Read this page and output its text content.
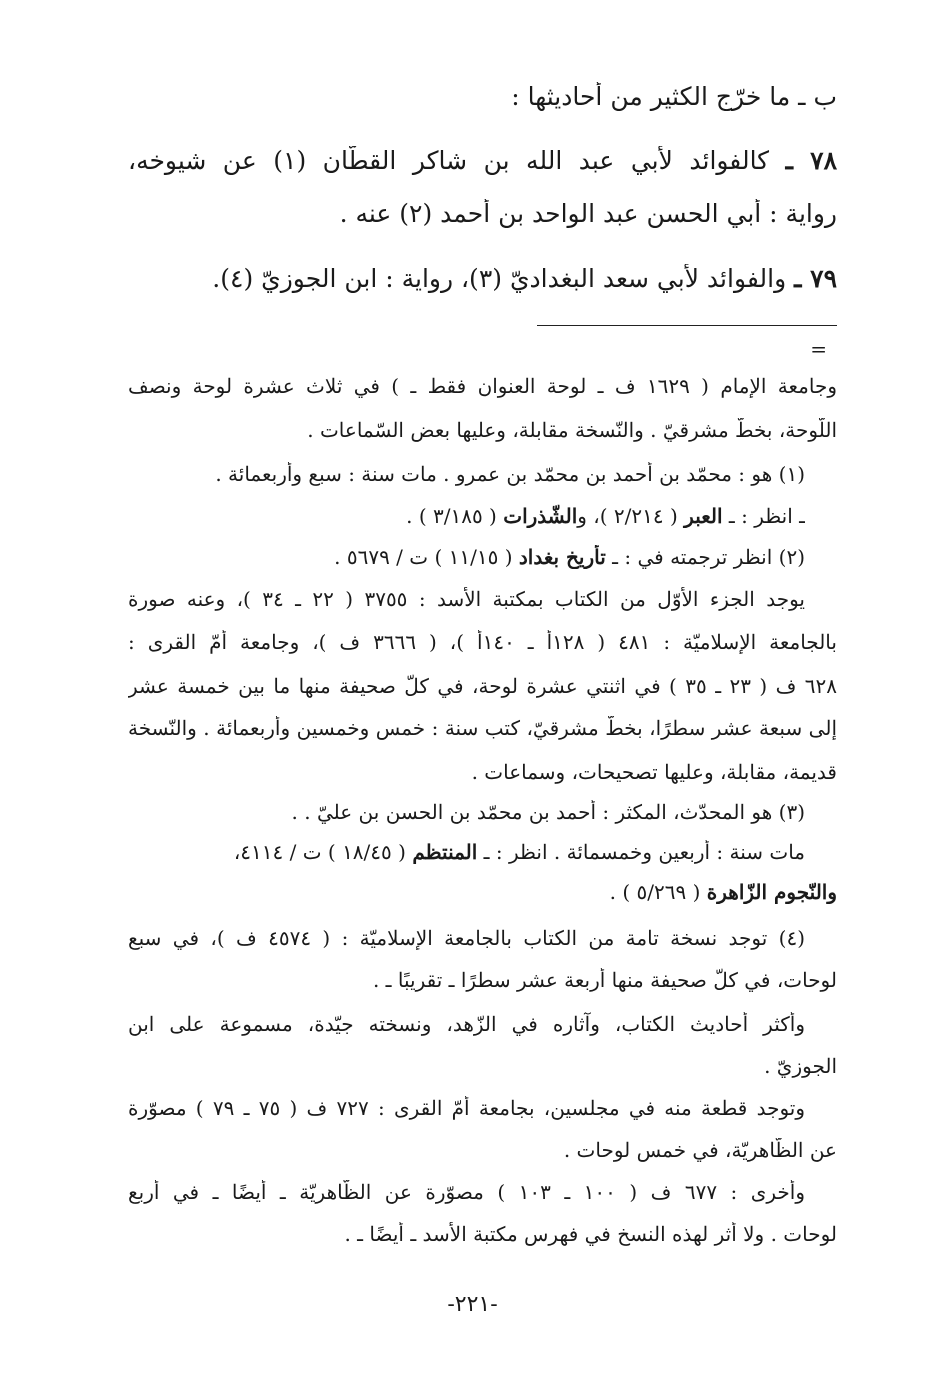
ب ـ ما خرّج الكثير من أحاديثها :
٧٨ ـ كالفوائد لأبي عبد الله بن شاكر القطّان (١) عن شيوخه،
رواية : أبي الحسن عبد الواحد بن أحمد (٢) عنه .
٧٩ ـ والفوائد لأبي سعد البغداديّ (٣)، رواية : ابن الجوزيّ (٤).
=
وجامعة الإمام ( ١٦٢٩ ف ـ لوحة العنوان فقط ـ ) في ثلاث عشرة لوحة ونصف
اللّوحة، بخطّ مشرقيّ . والنّسخة مقابلة، وعليها بعض السّماعات .
(١) هو : محمّد بن أحمد بن محمّد بن عمرو . مات سنة : سبع وأربعمائة .
ـ انظر : ـ العبر ( ٢/٢١٤ )، والشّذرات ( ٣/١٨٥ ) .
(٢) انظر ترجمته في : ـ تأريخ بغداد ( ١١/١٥ ) ت / ٥٦٧٩ .
يوجد الجزء الأوّل من الكتاب بمكتبة الأسد : ٣٧٥٥ ( ٢٢ ـ ٣٤ )، وعنه صورة
بالجامعة الإسلاميّة : ٤٨١ ( ١٢٨أ ـ ١٤٠أ )، ( ٣٦٦٦ ف )، وجامعة أمّ القرى :
٦٢٨ ف ( ٢٣ ـ ٣٥ ) في اثنتي عشرة لوحة، في كلّ صحيفة منها ما بين خمسة عشر
إلى سبعة عشر سطرًا، بخطّ مشرقيّ، كتب سنة : خمس وخمسين وأربعمائة . والنّسخة
قديمة، مقابلة، وعليها تصحيحات، وسماعات .
(٣) هو المحدّث، المكثر : أحمد بن محمّد بن الحسن بن عليّ . .
مات سنة : أربعين وخمسمائة . انظر : ـ المنتظم ( ١٨/٤٥ ) ت / ٤١١٤،
والنّجوم الزّاهرة ( ٥/٢٦٩ ) .
(٤) توجد نسخة تامة من الكتاب بالجامعة الإسلاميّة : ( ٤٥٧٤ ف )، في سبع
لوحات، في كلّ صحيفة منها أربعة عشر سطرًا ـ تقريبًا ـ .
وأكثر أحاديث الكتاب، وآثاره في الزّهد، ونسخته جيّدة، مسموعة على ابن
الجوزيّ .
وتوجد قطعة منه في مجلسين، بجامعة أمّ القرى : ٧٢٧ ف ( ٧٥ ـ ٧٩ ) مصوّرة
عن الظّاهريّة، في خمس لوحات .
وأخرى : ٦٧٧ ف ( ١٠٠ ـ ١٠٣ ) مصوّرة عن الظّاهريّة ـ أيضًا ـ في أربع
لوحات . ولا أثر لهذه النسخ في فهرس مكتبة الأسد ـ أيضًا ـ .
-٢٢١-
